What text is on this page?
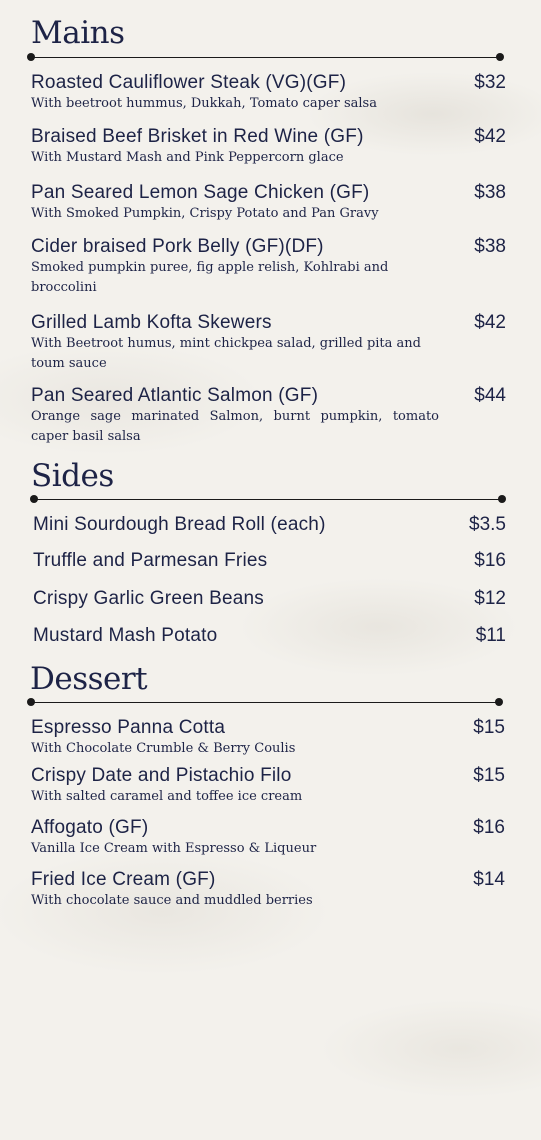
Mains
Roasted Cauliflower Steak (VG)(GF)	$32
With beetroot hummus, Dukkah, Tomato caper salsa
Braised Beef Brisket in Red Wine (GF)	$42
With Mustard Mash and Pink Peppercorn glace
Pan Seared Lemon Sage Chicken (GF)	$38
With Smoked Pumpkin, Crispy Potato and Pan Gravy
Cider braised Pork Belly (GF)(DF)	$38
Smoked pumpkin puree, fig apple relish, Kohlrabi and broccolini
Grilled Lamb Kofta Skewers	$42
With Beetroot humus, mint chickpea salad, grilled pita and toum sauce
Pan Seared Atlantic Salmon (GF)	$44
Orange sage marinated Salmon, burnt pumpkin, tomato caper basil salsa
Sides
Mini Sourdough Bread Roll (each)	$3.5
Truffle and Parmesan Fries	$16
Crispy Garlic Green Beans	$12
Mustard Mash Potato	$11
Dessert
Espresso Panna Cotta	$15
With Chocolate Crumble & Berry Coulis
Crispy Date and Pistachio Filo	$15
With salted caramel and toffee ice cream
Affogato (GF)	$16
Vanilla Ice Cream with Espresso & Liqueur
Fried Ice Cream (GF)	$14
With chocolate sauce and muddled berries
